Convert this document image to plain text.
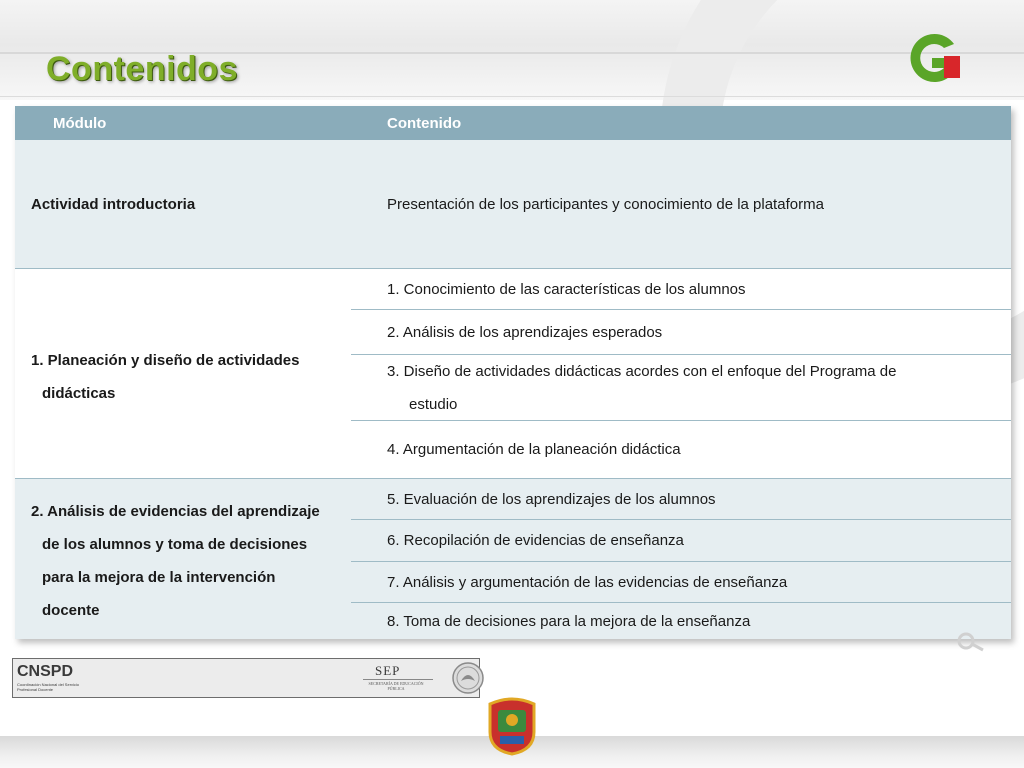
Contenidos
Módulo	Contenido
Actividad introductoria	Presentación de los participantes y conocimiento de la plataforma
1. Planeación y diseño de actividades
didácticas
1. Conocimiento de las características de los alumnos
2. Análisis de los aprendizajes esperados
3. Diseño de actividades didácticas acordes con el enfoque del Programa de
estudio
4. Argumentación de la planeación didáctica
2. Análisis de evidencias del aprendizaje
de los alumnos y toma de decisiones
para la mejora de la intervención
docente
5. Evaluación de los aprendizajes de los alumnos
6. Recopilación de evidencias de enseñanza
7. Análisis y argumentación de las evidencias de enseñanza
8. Toma de decisiones para la mejora de la enseñanza
CNSPD
Coordinación Nacional del Servicio Profesional Docente
SEP
SECRETARÍA DE EDUCACIÓN PÚBLICA
